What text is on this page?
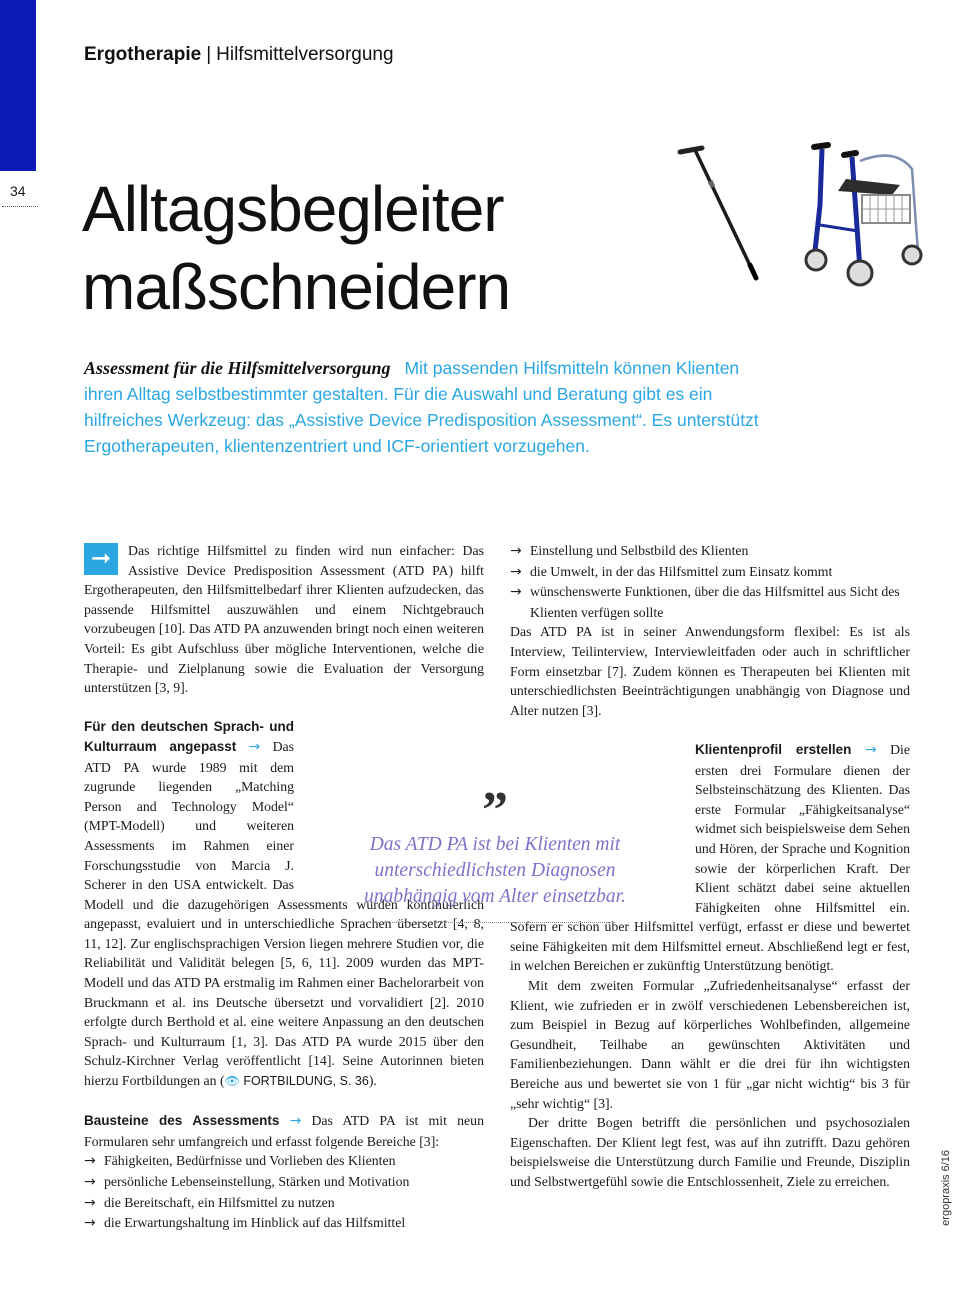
Ergotherapie | Hilfsmittelversorgung
34 Alltagsbegleiter
maßschneidern
Assessment für die Hilfsmittelversorgung Mit passenden Hilfsmitteln können Klienten ihren Alltag selbstbestimmter gestalten. Für die Auswahl und Beratung gibt es ein hilfreiches Werkzeug: das „Assistive Device Predisposition Assessment“. Es unterstützt Ergotherapeuten, klientenzentriert und ICF-orientiert vorzugehen.

➞	Das richtige Hilfsmittel zu finden wird nun einfacher: Das Assistive Device Predisposition Assessment (ATD PA) hilft Ergotherapeuten, den Hilfsmittelbedarf ihrer Klienten aufzudecken, das passende Hilfsmittel auszuwählen und einem Nichtgebrauch vorzubeugen [10]. Das ATD PA anzuwenden bringt noch einen weiteren Vorteil: Es gibt Aufschluss über mögliche Interventionen, welche die Therapie- und Zielplanung sowie die Evaluation der Versorgung unterstützen [3, 9].

Für den deutschen Sprach- und Kulturraum angepasst → Das ATD PA wurde 1989 mit dem zugrunde liegenden „Matching Person and Technology Model“ (MPT-Modell) und weiteren Assessments im Rahmen einer Forschungsstudie von Marcia J. Scherer in den USA entwickelt. Das Modell und die dazugehörigen Assessments wurden kontinuierlich angepasst, evaluiert und in unterschiedliche Sprachen übersetzt [4, 8, 11, 12]. Zur englischsprachigen Version liegen mehrere Studien vor, die Reliabilität und Validität belegen [5, 6, 11]. 2009 wurden das MPT-Modell und das ATD PA erstmalig im Rahmen einer Bachelorarbeit von Bruckmann et al. ins Deutsche übersetzt und vorvalidiert [2]. 2010 erfolgte durch Berthold et al. eine weitere Anpassung an den deutschen Sprach- und Kulturraum [1, 3]. Das ATD PA wurde 2015 über den Schulz-Kirchner Verlag veröffentlicht [14]. Seine Autorinnen bieten hierzu Fortbildungen an (👁 FORTBILDUNG, S. 36).

Bausteine des Assessments → Das ATD PA ist mit neun Formularen sehr umfangreich und erfasst folgende Bereiche [3]:

→ Fähigkeiten, Bedürfnisse und Vorlieben des Klienten
→ persönliche Lebenseinstellung, Stärken und Motivation
→ die Bereitschaft, ein Hilfsmittel zu nutzen
→ die Erwartungshaltung im Hinblick auf das Hilfsmittel
→ Einstellung und Selbstbild des Klienten
→ die Umwelt, in der das Hilfsmittel zum Einsatz kommt
→ wünschenswerte Funktionen, über die das Hilfsmittel aus Sicht des Klienten verfügen sollte

Das ATD PA ist in seiner Anwendungsform flexibel: Es ist als Interview, Teilinterview, Interviewleitfaden oder auch in schriftlicher Form einsetzbar [7]. Zudem können es Therapeuten bei Klienten mit unterschiedlichsten Beeinträchtigungen unabhängig von Diagnose und Alter nutzen [3].

Klientenprofil erstellen → Die ersten drei Formulare dienen der Selbsteinschätzung des Klienten. Das erste Formular „Fähigkeitsanalyse“ widmet sich beispielsweise dem Sehen und Hören, der Sprache und Kognition sowie der körperlichen Kraft. Der Klient schätzt dabei seine aktuellen Fähigkeiten ohne Hilfsmittel ein. Sofern er schon über Hilfsmittel verfügt, erfasst er diese und bewertet seine Fähigkeiten mit dem Hilfsmittel erneut. Abschließend legt er fest, in welchen Bereichen er zukünftig Unterstützung benötigt.

Mit dem zweiten Formular „Zufriedenheitsanalyse“ erfasst der Klient, wie zufrieden er in zwölf verschiedenen Lebensbereichen ist, zum Beispiel in Bezug auf körperliches Wohlbefinden, allgemeine Gesundheit, Teilhabe an gewünschten Aktivitäten und Familienbeziehungen. Dann wählt er die drei für ihn wichtigsten Bereiche aus und bewertet sie von 1 für „gar nicht wichtig“ bis 3 für „sehr wichtig“ [3].

Der dritte Bogen betrifft die persönlichen und psychosozialen Eigenschaften. Der Klient legt fest, was auf ihn zutrifft. Dazu gehören beispielsweise die Unterstützung durch Familie und Freunde, Disziplin und Selbstwertgefühl sowie die Entschlossenheit, Ziele zu erreichen.

”
Das ATD PA ist bei Klienten mit unterschiedlichsten Diagnosen unabhängig vom Alter einsetzbar.
ergopraxis 6/16
